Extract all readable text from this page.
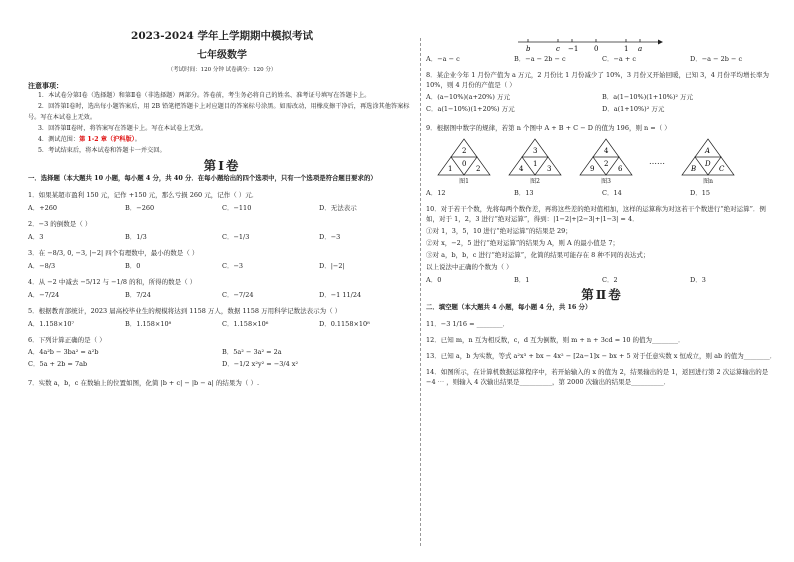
2023-2024 学年上学期期中模拟考试
七年级数学
（考试时间：120 分钟 试卷满分：120 分）
注意事项：
1．本试卷分第Ⅰ卷（选择题）和第Ⅱ卷（非选择题）两部分。答卷前，考生务必将自己的姓名、准考证号填写在答题卡上。
2．回答第Ⅰ卷时，选出每小题答案后，用 2B 铅笔把答题卡上对应题目的答案标号涂黑。如需改动，用橡皮擦干净后，再选涂其他答案标号。写在本试卷上无效。
3．回答第Ⅱ卷时，将答案写在答题卡上。写在本试卷上无效。
4．测试范围：第 1-2 章（沪科版）。
5．考试结束后，将本试卷和答题卡一并交回。
第Ⅰ卷
一．选择题（本大题共 10 小题，每小题 4 分，共 40 分．在每小题给出的四个选项中，只有一个选项是符合题目要求的）
1．如果某超市盈利 150 元，记作 +150 元，那么亏损 260 元，记作（ ）元．
A．+260	B．−260	C．−110	D．无法表示
2．−3 的倒数是（ ）
A．3	B．1/3	C．−1/3	D．−3
3．在 −8/3, 0, −3, |−2| 四个有理数中，最小的数是（ ）
A．−8/3	B．0	C．−3	D．|−2|
4．从 −2 中减去 −5/12 与 −1/8 的和，所得的数是（ ）
A．−7/24	B．7/24	C．−7/24	D．−1 11/24
5．根据教育部统计，2023 届高校毕业生的规模将达到 1158 万人，数据 1158 万用科学记数法表示为（ ）
A．1.158×10⁷	B．1.158×10⁸	C．1.158×10⁶	D．0.1158×10⁸
6．下列计算正确的是（ ）
A．4a²b − 3ba² = a²b	B．5a² − 3a² = 2a
C．5a + 2b = 7ab	D．−1/2 x²y² = −3/4 x²
7．实数 a，b，c 在数轴上的位置如图，化简 |b + c| − |b − a| 的结果为（ ）.
b	c −1 0	1 a
A．−a − c	B．−a − 2b − c	C．−a + c	D．−a − 2b − c
8．某企业今年 1 月份产值为 a 万元，2 月份比 1 月份减少了 10%，3 月份又开始回暖，已知 3，4 月份平均增长率为 10%，则 4 月份的产值是（ ）
A．(a−10%)(a+20%) 万元	B．a(1−10%)(1+10%)² 万元
C．a(1−10%)(1+20%) 万元	D．a(1+10%)² 万元
9．根据图中数字的规律，若第 n 个图中 A + B + C − D 的值为 196，则 n =（ ）
2
1
0
2
图1
3
4
1
3
图2
4
9
2
6
图3
……
A
B
D
C
图n
A．12	B．13	C．14	D．15
10．对于若干个数，先将每两个数作差，再将这些差的绝对值相加，这样的运算称为对这若干个数进行“绝对运算”．例如，对于 1，2，3 进行“绝对运算”，得到：|1−2|+|2−3|+|1−3| = 4．
①对 1，3，5，10 进行“绝对运算”的结果是 29；
②对 x，−2，5 进行“绝对运算”的结果为 A，则 A 的最小值是 7；
③对 a，b，b，c 进行“绝对运算”，化简的结果可能存在 8 种不同的表达式；
以上说法中正确的个数为（ ）
A．0	B．1	C．2	D．3
第Ⅱ卷
二．填空题（本大题共 4 小题，每小题 4 分，共 16 分）
11．−3 1/16 = ________．
12．已知 m，n 互为相反数，c，d 互为倒数，则 m + n + 3cd = 10 的值为________．
13．已知 a，b 为实数，等式 a²x³ + bx − 4x² − [2a−1]x − bx + 5 对于任意实数 x 恒成立，则 ab 的值为________．
14．如图所示，在计算机数据运算程序中，若开始输入的 x 的值为 2，结果输出的是 1，返回进行第 2 次运算输出的是 −4 ⋯ ，则输入 4 次输出结果是__________，第 2000 次输出的结果是__________．
